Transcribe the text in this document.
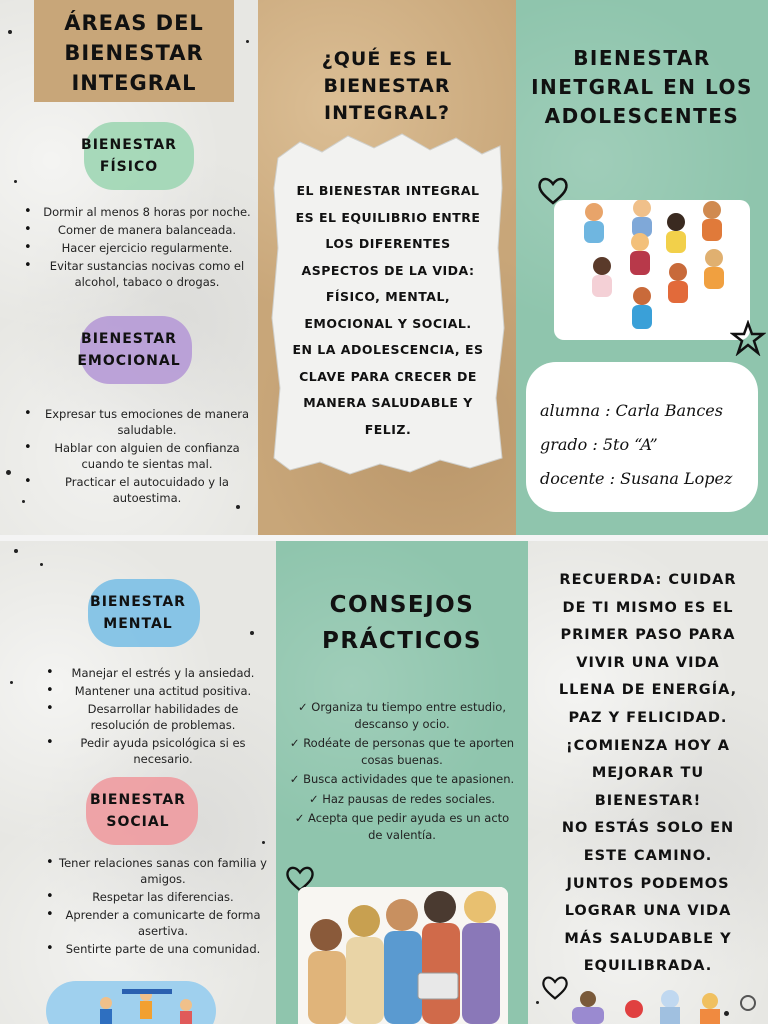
ÁREAS DEL
BIENESTAR
INTEGRAL
BIENESTAR
FÍSICO
• Dormir al menos 8 horas por noche.
• Comer de manera balanceada.
• Hacer ejercicio regularmente.
• Evitar sustancias nocivas como el alcohol, tabaco o drogas.
BIENESTAR
EMOCIONAL
• Expresar tus emociones de manera saludable.
• Hablar con alguien de confianza cuando te sientas mal.
• Practicar el autocuidado y la autoestima.
¿QUÉ ES EL
BIENESTAR
INTEGRAL?
EL BIENESTAR INTEGRAL
ES EL EQUILIBRIO ENTRE
LOS DIFERENTES
ASPECTOS DE LA VIDA:
FÍSICO, MENTAL,
EMOCIONAL Y SOCIAL.
EN LA ADOLESCENCIA, ES
CLAVE PARA CRECER DE
MANERA SALUDABLE Y
FELIZ.
BIENESTAR
INETGRAL EN LOS
ADOLESCENTES
alumna : Carla Bances
grado : 5to “A”
docente : Susana Lopez
BIENESTAR
MENTAL
• Manejar el estrés y la ansiedad.
• Mantener una actitud positiva.
• Desarrollar habilidades de resolución de problemas.
• Pedir ayuda psicológica si es necesario.
BIENESTAR
SOCIAL
• Tener relaciones sanas con familia y amigos.
• Respetar las diferencias.
• Aprender a comunicarte de forma asertiva.
• Sentirte parte de una comunidad.
CONSEJOS
PRÁCTICOS
✓ Organiza tu tiempo entre estudio, descanso y ocio.
✓ Rodéate de personas que te aporten cosas buenas.
✓ Busca actividades que te apasionen.
✓ Haz pausas de redes sociales.
✓ Acepta que pedir ayuda es un acto de valentía.
RECUERDA: CUIDAR
DE TI MISMO ES EL
PRIMER PASO PARA
VIVIR UNA VIDA
LLENA DE ENERGÍA,
PAZ Y FELICIDAD.
¡COMIENZA HOY A
MEJORAR TU
BIENESTAR!
NO ESTÁS SOLO EN
ESTE CAMINO.
JUNTOS PODEMOS
LOGRAR UNA VIDA
MÁS SALUDABLE Y
EQUILIBRADA.
